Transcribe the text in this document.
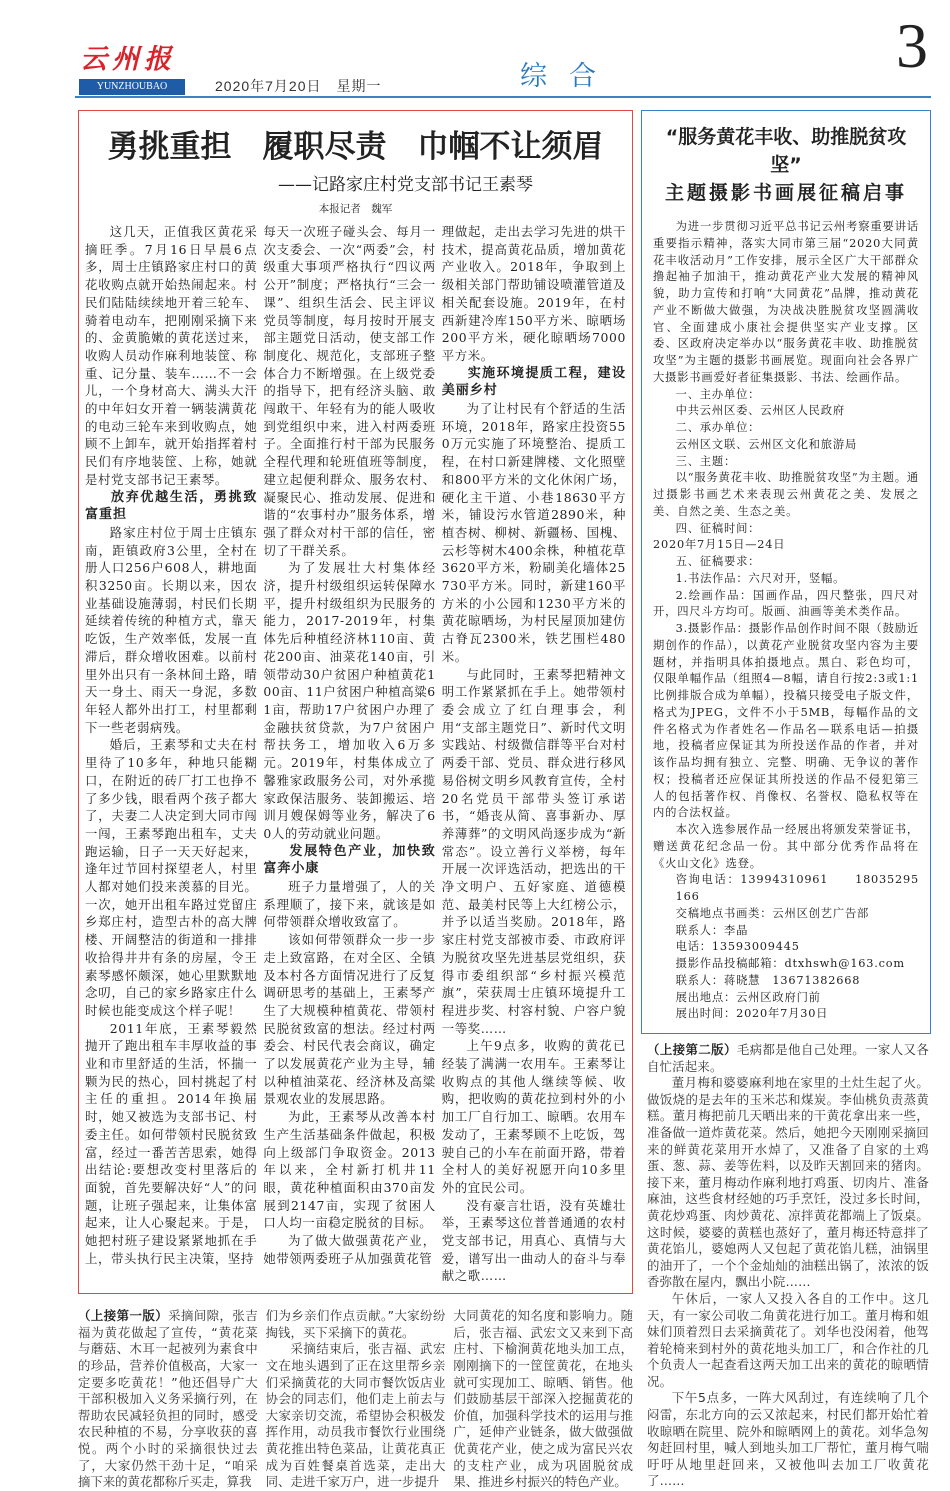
云州报
YUNZHOUBAO	2020年7月20日　星期一	综合	3
勇挑重担　履职尽责　巾帼不让须眉
——记路家庄村党支部书记王素琴
本报记者　魏军

这几天，正值我区黄花采摘旺季。7月16日早晨6点多，周士庄镇路家庄村口的黄花收购点就开始热闹起来。村民们陆陆续续地开着三轮车、骑着电动车，把刚刚采摘下来的、金黄脆嫩的黄花送过来，收购人员动作麻利地装筐、称重、记分量、装车……不一会儿，一个身材高大、满头大汗的中年妇女开着一辆装满黄花的电动三轮车来到收购点，她顾不上卸车，就开始指挥着村民们有序地装筐、上称，她就是村党支部书记王素琴。

放弃优越生活，勇挑致富重担

路家庄村位于周士庄镇东南，距镇政府3公里，全村在册人口256户608人，耕地面积3250亩。长期以来，因农业基础设施薄弱，村民们长期延续着传统的种植方式，靠天吃饭，生产效率低，发展一直滞后，群众增收困难。以前村里外出只有一条林间土路，晴天一身土、雨天一身泥，多数年轻人都外出打工，村里都剩下一些老弱病残。

婚后，王素琴和丈夫在村里待了10多年，种地只能糊口，在附近的砖厂打工也挣不了多少钱，眼看两个孩子都大了，夫妻二人决定到大同市闯一闯，王素琴跑出租车，丈夫跑运输，日子一天天好起来，逢年过节回村探望老人，村里人都对她们投来羡慕的目光。一次，她开出租车路过党留庄乡郑庄村，造型古朴的高大牌楼、开阔整洁的街道和一排排收拾得井井有条的房屋，令王素琴感怀颇深，她心里默默地念叨，自己的家乡路家庄什么时候也能变成这个样子呢！

2011年底，王素琴毅然抛开了跑出租车丰厚收益的事业和市里舒适的生活，怀揣一颗为民的热心，回村挑起了村主任的重担。2014年换届时，她又被选为支部书记、村委主任。如何带领村民脱贫致富，经过一番苦苦思索，她得出结论:要想改变村里落后的面貌，首先要解决好“人”的问题，让班子强起来，让集体富起来，让人心聚起来。于是，她把村班子建设紧紧地抓在手上，带头执行民主决策，坚持

每天一次班子碰头会、每月一次支委会、一次“两委”会，村级重大事项严格执行“四议两公开”制度；严格执行“三会一课”、组织生活会、民主评议党员等制度，每月按时开展支部主题党日活动，使支部工作制度化、规范化，支部班子整体合力不断增强。在上级党委的指导下，把有经济头脑、敢闯敢干、年轻有为的能人吸收到党组织中来，进入村两委班子。全面推行村干部为民服务全程代理和轮班值班等制度，建立起便利群众、服务农村、凝聚民心、推动发展、促进和谐的“农事村办”服务体系，增强了群众对村干部的信任，密切了干群关系。

为了发展壮大村集体经济，提升村级组织运转保障水平，提升村级组织为民服务的能力，2017-2019年，村集体先后种植经济林110亩、黄花200亩、油菜花140亩，引领带动30户贫困户种植黄花100亩、11户贫困户种植高粱61亩，帮助17户贫困户办理了金融扶贫贷款，为7户贫困户帮扶务工，增加收入6万多元。2019年，村集体成立了馨雅家政服务公司，对外承揽家政保洁服务、装卸搬运、培训月嫂保姆等业务，解决了60人的劳动就业问题。

发展特色产业，加快致富奔小康

班子力量增强了，人的关系理顺了，接下来，就该是如何带领群众增收致富了。

该如何带领群众一步一步走上致富路，在对全区、全镇及本村各方面情况进行了反复调研思考的基础上，王素琴产生了大规模种植黄花、带领村民脱贫致富的想法。经过村两委会、村民代表会商议，确定了以发展黄花产业为主导，辅以种植油菜花、经济林及高粱景观农业的发展思路。

为此，王素琴从改善本村生产生活基础条件做起，积极向上级部门争取资金。2013年以来，全村新打机井11眼，黄花种植面积由370亩发展到2147亩，实现了贫困人口人均一亩稳定脱贫的目标。

为了做大做强黄花产业，她带领两委班子从加强黄花管

理做起，走出去学习先进的烘干技术，提高黄花品质，增加黄花产业收入。2018年，争取到上级相关部门帮助铺设喷灌管道及相关配套设施。2019年，在村西新建冷库150平方米、晾晒场200平方米，硬化晾晒场7000平方米。

实施环境提质工程，建设美丽乡村

为了让村民有个舒适的生活环境，2018年，路家庄投资550万元实施了环境整治、提质工程，在村口新建牌楼、文化照壁和800平方米的文化休闲广场，硬化主干道、小巷18630平方米，铺设污水管道2890米，种植杏树、柳树、新疆杨、国槐、云杉等树木400余株，种植花草3620平方米，粉刷美化墙体25730平方米。同时，新建160平方米的小公园和1230平方米的黄花晾晒场，为村民屋顶加建仿古脊瓦2300米，铁艺围栏480米。

与此同时，王素琴把精神文明工作紧紧抓在手上。她带领村委会成立了红白理事会，利用“支部主题党日”、新时代文明实践站、村级微信群等平台对村两委干部、党员、群众进行移风易俗树文明乡风教育宣传，全村20名党员干部带头签订承诺书，“婚丧从简、喜事新办、厚养薄葬”的文明风尚逐步成为“新常态”。设立善行义举榜，每年开展一次评选活动，把选出的干净文明户、五好家庭、道德模范、最美村民等上大红榜公示，并予以适当奖励。2018年，路家庄村党支部被市委、市政府评为脱贫攻坚先进基层党组织，获得市委组织部“乡村振兴模范旗”，荣获周士庄镇环境提升工程进步奖、村容村貌、户容户貌一等奖……

上午9点多，收购的黄花已经装了满满一农用车。王素琴让收购点的其他人继续等候、收购，把收购的黄花拉到村外的小加工厂自行加工、晾晒。农用车发动了，王素琴顾不上吃饭，驾驶自己的小车在前面开路，带着全村人的美好祝愿开向10多里外的宜民公司。

没有豪言壮语，没有英雄壮举，王素琴这位普普通通的农村党支部书记，用真心、真情与大爱，谱写出一曲动人的奋斗与奉献之歌……

（上接第一版）采摘间隙，张吉福为黄花做起了宣传，“黄花菜与蘑菇、木耳一起被列为素食中的珍品，营养价值极高，大家一定要多吃黄花！”他还倡导广大干部积极加入义务采摘行列，在帮助农民减轻负担的同时，感受农民种植的不易，分享收获的喜悦。两个小时的采摘很快过去了，大家仍然干劲十足，“咱采摘下来的黄花都称斤买走，算我

们为乡亲们作点贡献。”大家纷纷掏钱，买下采摘下的黄花。

采摘结束后，张吉福、武宏文在地头遇到了正在这里帮乡亲们采摘黄花的大同市餐饮饭店业协会的同志们，他们走上前去与大家亲切交流，希望协会积极发挥作用，动员我市餐饮行业围绕黄花推出特色菜品，让黄花真正成为百姓餐桌首选菜，走出大同、走进千家万户，进一步提升

大同黄花的知名度和影响力。随后，张吉福、武宏文又来到下高庄村、下榆涧黄花地头加工点，刚刚摘下的一筐筐黄花，在地头就可实现加工、晾晒、销售。他们鼓励基层干部深入挖掘黄花的价值，加强科学技术的运用与推广，延伸产业链条，做大做强做优黄花产业，使之成为富民兴农的支柱产业，成为巩固脱贫成果、推进乡村振兴的特色产业。

“服务黄花丰收、助推脱贫攻坚”
主题摄影书画展征稿启事

为进一步贯彻习近平总书记云州考察重要讲话重要指示精神，落实大同市第三届“2020大同黄花丰收活动月”工作安排，展示全区广大干部群众撸起袖子加油干，推动黄花产业大发展的精神风貌，助力宣传和打响“大同黄花”品牌，推动黄花产业不断做大做强，为决战决胜脱贫攻坚圆满收官、全面建成小康社会提供坚实产业支撑。区委、区政府决定举办以“服务黄花丰收、助推脱贫攻坚”为主题的摄影书画展览。现面向社会各界广大摄影书画爱好者征集摄影、书法、绘画作品。

一、主办单位：

中共云州区委、云州区人民政府

二、承办单位：

云州区文联、云州区文化和旅游局

三、主题：

以“服务黄花丰收、助推脱贫攻坚”为主题。通过摄影书画艺术来表现云州黄花之美、发展之美、自然之美、生态之美。

四、征稿时间：

2020年7月15日—24日

五、征稿要求：

1.书法作品：六尺对开，竖幅。

2.绘画作品：国画作品，四尺整张，四尺对开，四尺斗方均可。版画、油画等美术类作品。

3.摄影作品：摄影作品创作时间不限（鼓励近期创作的作品），以黄花产业脱贫攻坚内容为主要题材，并指明具体拍摄地点。黑白、彩色均可，仅限单幅作品（组照4—8幅，请自行按2:3或1:1比例排版合成为单幅），投稿只接受电子版文件，格式为JPEG，文件不小于5MB，每幅作品的文件名格式为作者姓名—作品名—联系电话—拍摄地，投稿者应保证其为所投送作品的作者，并对该作品均拥有独立、完整、明确、无争议的著作权；投稿者还应保证其所投送的作品不侵犯第三人的包括著作权、肖像权、名誉权、隐私权等在内的合法权益。

本次入选参展作品一经展出将颁发荣誉证书，赠送黄花纪念品一份。其中部分优秀作品将在《火山文化》选登。

咨询电话：13994310961　　18035295166

交稿地点书画类：云州区创艺广告部

联系人：李晶

电话：13593009445

摄影作品投稿邮箱：dtxhswh@163.com

联系人：蒋晓慧　13671382668

展出地点：云州区政府门前

展出时间：2020年7月30日

（上接第二版）毛病都是他自己处理。一家人又各自忙活起来。

董月梅和婆婆麻利地在家里的土灶生起了火。做饭烧的是去年的玉米芯和煤炭。李仙桃负责蒸黄糕。董月梅把前几天晒出来的干黄花拿出来一些，准备做一道炸黄花菜。然后，她把今天刚刚采摘回来的鲜黄花菜用开水焯了，又准备了自家的土鸡蛋、葱、蒜、姜等佐料，以及昨天割回来的猪肉。接下来，董月梅动作麻利地打鸡蛋、切肉片、准备麻油，这些食材经她的巧手烹饪，没过多长时间，黄花炒鸡蛋、肉炒黄花、凉拌黄花都端上了饭桌。这时候，婆婆的黄糕也蒸好了，董月梅还特意拌了黄花馅儿，婆媳两人又包起了黄花馅儿糕，油锅里的油开了，一个个金灿灿的油糕出锅了，浓浓的饭香弥散在屋内，飘出小院……

午休后，一家人又投入各自的工作中。这几天，有一家公司收二角黄花进行加工。董月梅和姐妹们顶着烈日去采摘黄花了。刘华也没闲着，他驾着轮椅来到村外的黄花地头加工厂，和合作社的几个负责人一起查看这两天加工出来的黄花的晾晒情况。

下午5点多，一阵大风刮过，有连续响了几个闷雷，东北方向的云又浓起来，村民们都开始忙着收晾晒在院里、院外和晾晒网上的黄花。刘华急匆匆赶回村里，喊人到地头加工厂帮忙，董月梅气喘吁吁从地里赶回来，又被他叫去加工厂收黄花了……
